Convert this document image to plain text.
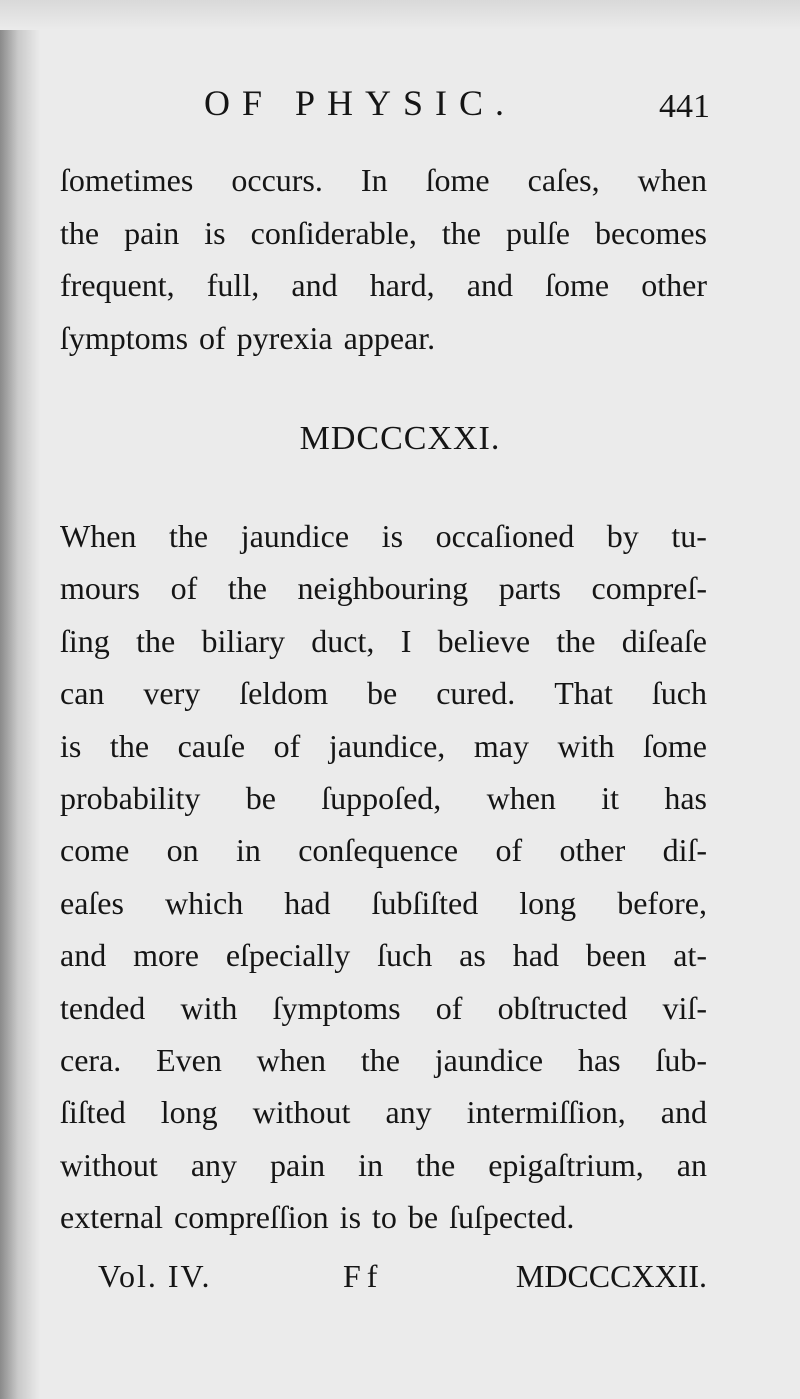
OF PHYSIC.	441
ſometimes occurs. In ſome caſes, when
the pain is conſiderable, the pulſe becomes
frequent, full, and hard, and ſome other
ſymptoms of pyrexia appear.
MDCCCXXI.
When the jaundice is occaſioned by tu-
mours of the neighbouring parts compreſ-
ſing the biliary duct, I believe the diſeaſe
can very ſeldom be cured. That ſuch
is the cauſe of jaundice, may with ſome
probability be ſuppoſed, when it has
come on in conſequence of other diſ-
eaſes which had ſubſiſted long before,
and more eſpecially ſuch as had been at-
tended with ſymptoms of obſtructed viſ-
cera. Even when the jaundice has ſub-
ſiſted long without any intermiſſion, and
without any pain in the epigaſtrium, an
external compreſſion is to be ſuſpected.
Vol. IV.	Ff	MDCCCXXII.
